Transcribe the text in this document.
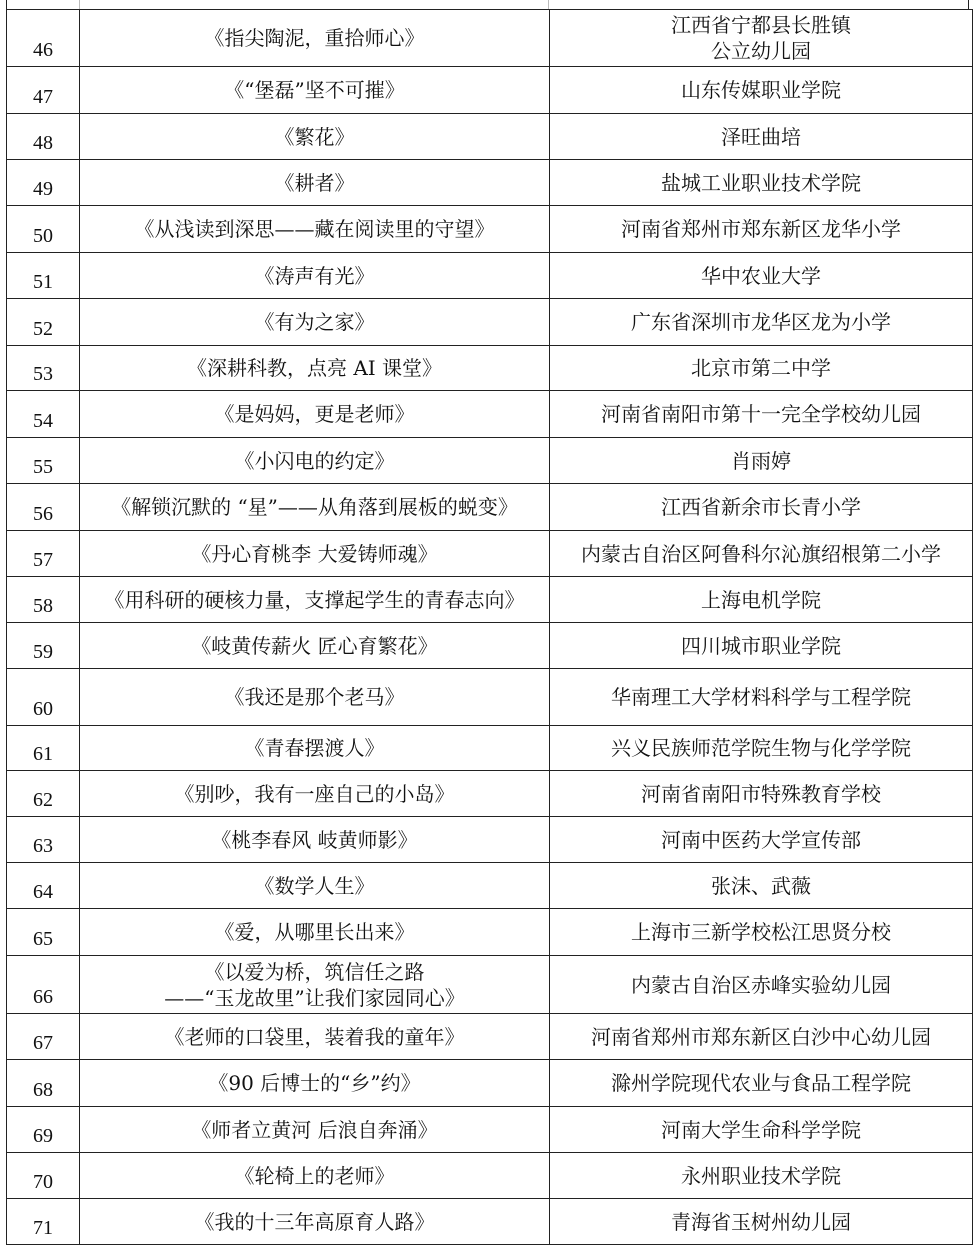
46	《指尖陶泥，重拾师心》	江西省宁都县长胜镇
公立幼儿园

47	《“堡磊”坚不可摧》	山东传媒职业学院

48	《繁花》	泽旺曲培

49	《耕者》	盐城工业职业技术学院

50	《从浅读到深思——藏在阅读里的守望》	河南省郑州市郑东新区龙华小学

51	《涛声有光》	华中农业大学

52	《有为之家》	广东省深圳市龙华区龙为小学

53	《深耕科教，点亮 AI 课堂》	北京市第二中学

54	《是妈妈，更是老师》	河南省南阳市第十一完全学校幼儿园

55	《小闪电的约定》	肖雨婷

56	《解锁沉默的 “星”——从角落到展板的蜕变》	江西省新余市长青小学

57	《丹心育桃李 大爱铸师魂》	内蒙古自治区阿鲁科尔沁旗绍根第二小学

58	《用科研的硬核力量，支撑起学生的青春志向》	上海电机学院

59	《岐黄传薪火 匠心育繁花》	四川城市职业学院

60	《我还是那个老马》	华南理工大学材料科学与工程学院

61	《青春摆渡人》	兴义民族师范学院生物与化学学院

62	《别吵，我有一座自己的小岛》	河南省南阳市特殊教育学校

63	《桃李春风 岐黄师影》	河南中医药大学宣传部

64	《数学人生》	张沫、武薇

65	《爱，从哪里长出来》	上海市三新学校松江思贤分校

66	《以爱为桥，筑信任之路
——“玉龙故里”让我们家园同心》	内蒙古自治区赤峰实验幼儿园

67	《老师的口袋里，装着我的童年》	河南省郑州市郑东新区白沙中心幼儿园

68	《90 后博士的“乡”约》	滁州学院现代农业与食品工程学院

69	《师者立黄河 后浪自奔涌》	河南大学生命科学学院

70	《轮椅上的老师》	永州职业技术学院

71	《我的十三年高原育人路》	青海省玉树州幼儿园
